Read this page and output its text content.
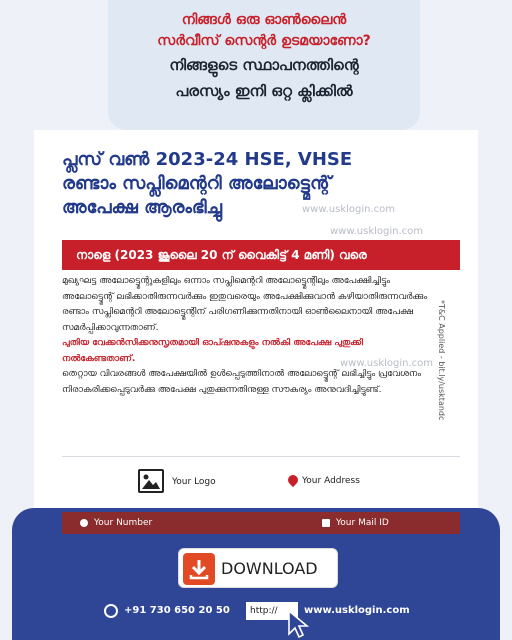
നിങ്ങൾ ഒരു ഓൺലൈൻ
സർവീസ് സെന്റർ ഉടമയാണോ?
നിങ്ങളുടെ സ്ഥാപനത്തിന്റെ
പരസ്യം ഇനി ഒറ്റ ക്ലിക്കിൽ
പ്ലസ് വൺ 2023-24 HSE, VHSE
രണ്ടാം സപ്ലിമെന്ററി അലോട്ട്മെന്റ്
അപേക്ഷ ആരംഭിച്ചു	www.usklogin.com
www.usklogin.com
www.usklogin.com
നാളെ (2023 ജൂലൈ 20 ന് വൈകിട്ട് 4 മണി) വരെ

മുഖ്യഘട്ട അലോട്ട്മെന്റുകളിലും ഒന്നാം സപ്ലിമെന്ററി അലോട്ട്മെന്റിലും അപേക്ഷിച്ചിട്ടും അലോട്ട്മെന്റ് ലഭിക്കാതിരുന്നവർക്കും ഇതുവരെയും അപേക്ഷിക്കുവാൻ കഴിയാതിരുന്നവർക്കും രണ്ടാം സപ്ലിമെന്ററി അലോട്ട്മെന്റിന് പരിഗണിക്കുന്നതിനായി ഓൺലൈനായി അപേക്ഷ സമർപ്പിക്കാവുന്നതാണ്.

പുതിയ വേക്കൻസിക്കനുസൃതമായി ഓപ്ഷനുകളും നൽകി അപേക്ഷ പുതുക്കി നൽകേണ്ടതാണ്.

തെറ്റായ വിവരങ്ങൾ അപേക്ഷയിൽ ഉൾപ്പെടുത്തിനാൽ അലോട്ട്മെന്റ് ലഭിച്ചിട്ടും പ്രവേശനം നിരാകരിക്കപ്പെടുവർക്കു അപേക്ഷ പുതുക്കുന്നതിനുള്ള സൗകര്യം അനുവദിച്ചിട്ടുണ്ട്.	*T&C Applied - bit.ly/usktandc
Your Logo	Your Address
Your Number	Your Mail ID
DOWNLOAD
+91 730 650 20 50	http://	www.usklogin.com
